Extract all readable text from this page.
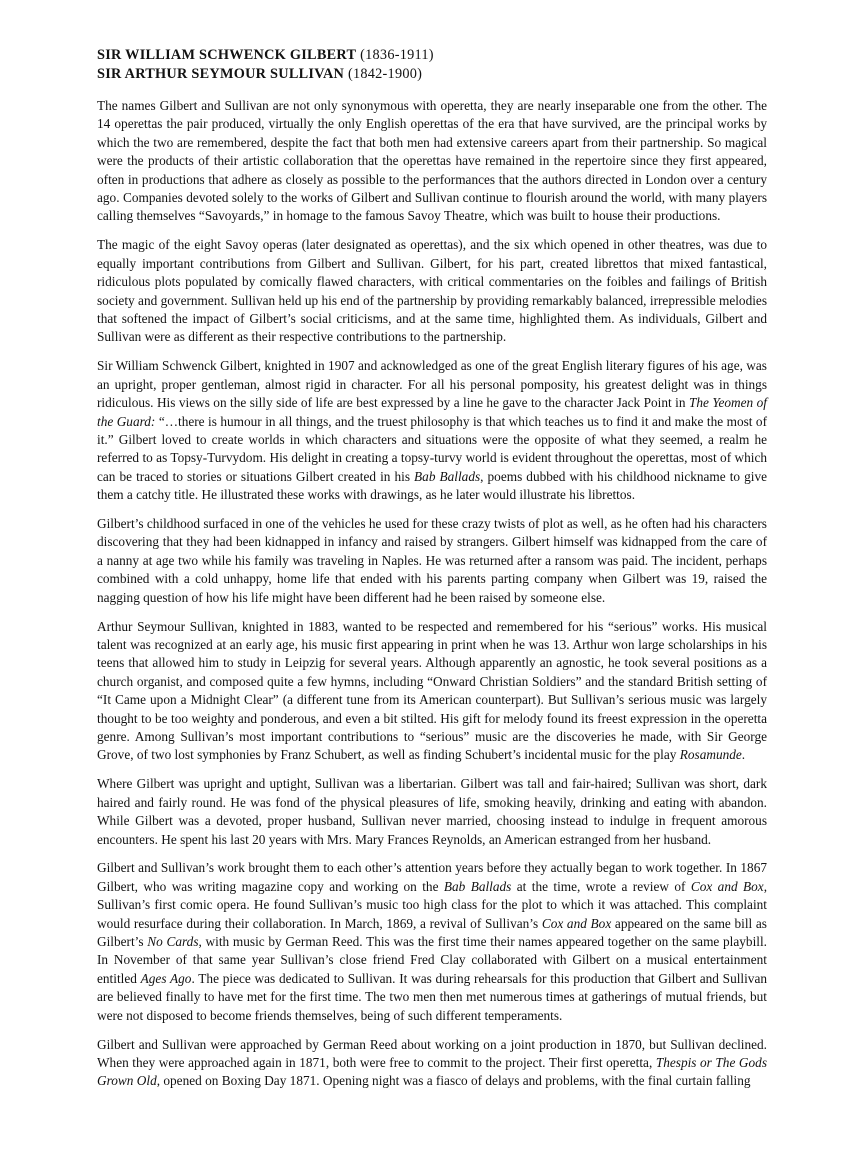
SIR WILLIAM SCHWENCK GILBERT (1836-1911)
SIR ARTHUR SEYMOUR SULLIVAN (1842-1900)

The names Gilbert and Sullivan are not only synonymous with operetta, they are nearly inseparable one from the other. The 14 operettas the pair produced, virtually the only English operettas of the era that have survived, are the principal works by which the two are remembered, despite the fact that both men had extensive careers apart from their partnership. So magical were the products of their artistic collaboration that the operettas have remained in the repertoire since they first appeared, often in productions that adhere as closely as possible to the performances that the authors directed in London over a century ago. Companies devoted solely to the works of Gilbert and Sullivan continue to flourish around the world, with many players calling themselves “Savoyards,” in homage to the famous Savoy Theatre, which was built to house their productions.

The magic of the eight Savoy operas (later designated as operettas), and the six which opened in other theatres, was due to equally important contributions from Gilbert and Sullivan. Gilbert, for his part, created librettos that mixed fantastical, ridiculous plots populated by comically flawed characters, with critical commentaries on the foibles and failings of British society and government. Sullivan held up his end of the partnership by providing remarkably balanced, irrepressible melodies that softened the impact of Gilbert’s social criticisms, and at the same time, highlighted them. As individuals, Gilbert and Sullivan were as different as their respective contributions to the partnership.

Sir William Schwenck Gilbert, knighted in 1907 and acknowledged as one of the great English literary figures of his age, was an upright, proper gentleman, almost rigid in character. For all his personal pomposity, his greatest delight was in things ridiculous. His views on the silly side of life are best expressed by a line he gave to the character Jack Point in The Yeomen of the Guard: “…there is humour in all things, and the truest philosophy is that which teaches us to find it and make the most of it.” Gilbert loved to create worlds in which characters and situations were the opposite of what they seemed, a realm he referred to as Topsy-Turvydom. His delight in creating a topsy-turvy world is evident throughout the operettas, most of which can be traced to stories or situations Gilbert created in his Bab Ballads, poems dubbed with his childhood nickname to give them a catchy title. He illustrated these works with drawings, as he later would illustrate his librettos.

Gilbert’s childhood surfaced in one of the vehicles he used for these crazy twists of plot as well, as he often had his characters discovering that they had been kidnapped in infancy and raised by strangers. Gilbert himself was kidnapped from the care of a nanny at age two while his family was traveling in Naples. He was returned after a ransom was paid. The incident, perhaps combined with a cold unhappy, home life that ended with his parents parting company when Gilbert was 19, raised the nagging question of how his life might have been different had he been raised by someone else.

Arthur Seymour Sullivan, knighted in 1883, wanted to be respected and remembered for his “serious” works. His musical talent was recognized at an early age, his music first appearing in print when he was 13. Arthur won large scholarships in his teens that allowed him to study in Leipzig for several years. Although apparently an agnostic, he took several positions as a church organist, and composed quite a few hymns, including “Onward Christian Soldiers” and the standard British setting of “It Came upon a Midnight Clear” (a different tune from its American counterpart). But Sullivan’s serious music was largely thought to be too weighty and ponderous, and even a bit stilted. His gift for melody found its freest expression in the operetta genre. Among Sullivan’s most important contributions to “serious” music are the discoveries he made, with Sir George Grove, of two lost symphonies by Franz Schubert, as well as finding Schubert’s incidental music for the play Rosamunde.

Where Gilbert was upright and uptight, Sullivan was a libertarian. Gilbert was tall and fair-haired; Sullivan was short, dark haired and fairly round. He was fond of the physical pleasures of life, smoking heavily, drinking and eating with abandon. While Gilbert was a devoted, proper husband, Sullivan never married, choosing instead to indulge in frequent amorous encounters. He spent his last 20 years with Mrs. Mary Frances Reynolds, an American estranged from her husband.

Gilbert and Sullivan’s work brought them to each other’s attention years before they actually began to work together. In 1867 Gilbert, who was writing magazine copy and working on the Bab Ballads at the time, wrote a review of Cox and Box, Sullivan’s first comic opera. He found Sullivan’s music too high class for the plot to which it was attached. This complaint would resurface during their collaboration. In March, 1869, a revival of Sullivan’s Cox and Box appeared on the same bill as Gilbert’s No Cards, with music by German Reed. This was the first time their names appeared together on the same playbill. In November of that same year Sullivan’s close friend Fred Clay collaborated with Gilbert on a musical entertainment entitled Ages Ago. The piece was dedicated to Sullivan. It was during rehearsals for this production that Gilbert and Sullivan are believed finally to have met for the first time. The two men then met numerous times at gatherings of mutual friends, but were not disposed to become friends themselves, being of such different temperaments.

Gilbert and Sullivan were approached by German Reed about working on a joint production in 1870, but Sullivan declined. When they were approached again in 1871, both were free to commit to the project. Their first operetta, Thespis or The Gods Grown Old, opened on Boxing Day 1871. Opening night was a fiasco of delays and problems, with the final curtain falling
